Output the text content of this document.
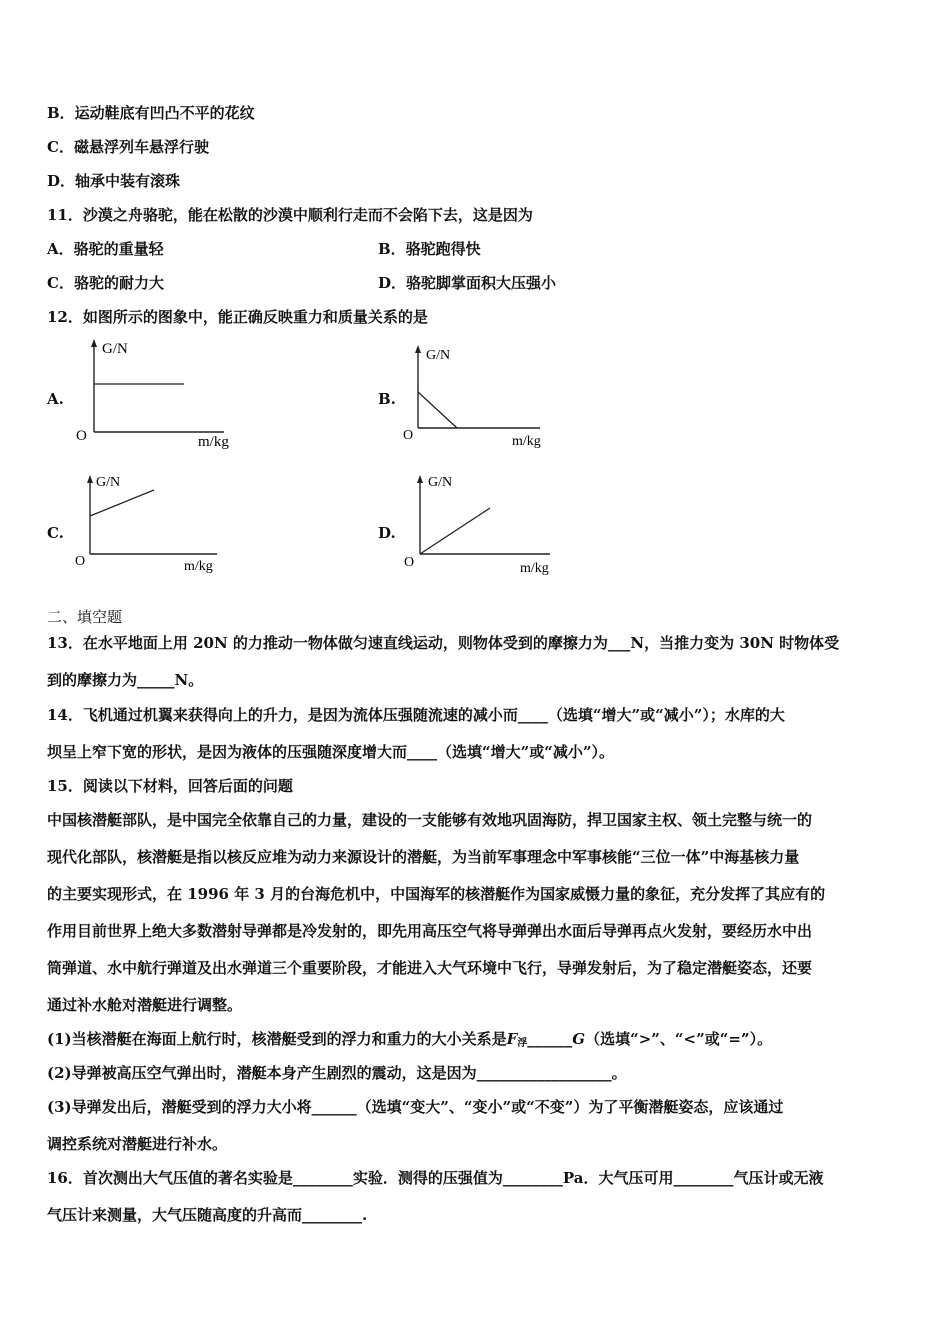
B．运动鞋底有凹凸不平的花纹
C．磁悬浮列车悬浮行驶
D．轴承中装有滚珠
11．沙漠之舟骆驼，能在松散的沙漠中顺利行走而不会陷下去，这是因为
A．骆驼的重量轻	B．骆驼跑得快
C．骆驼的耐力大	D．骆驼脚掌面积大压强小
12．如图所示的图象中，能正确反映重力和质量关系的是
A.	B.
C.	D.
G/N
O	m/kg
G/N
O	m/kg
G/N
O	m/kg
G/N
O	m/kg
二、填空题
13．在水平地面上用 20N 的力推动一物体做匀速直线运动，则物体受到的摩擦力为___N，当推力变为 30N 时物体受
到的摩擦力为_____N。
14．飞机通过机翼来获得向上的升力，是因为流体压强随流速的减小而____（选填“增大”或“减小”）；水库的大
坝呈上窄下宽的形状，是因为液体的压强随深度增大而____（选填“增大”或“减小”）。
15．阅读以下材料，回答后面的问题
中国核潜艇部队，是中国完全依靠自己的力量，建设的一支能够有效地巩固海防，捍卫国家主权、领土完整与统一的
现代化部队，核潜艇是指以核反应堆为动力来源设计的潜艇，为当前军事理念中军事核能“三位一体”中海基核力量
的主要实现形式，在 1996 年 3 月的台海危机中，中国海军的核潜艇作为国家威慑力量的象征，充分发挥了其应有的
作用目前世界上绝大多数潜射导弹都是冷发射的，即先用高压空气将导弹弹出水面后导弹再点火发射，要经历水中出
筒弹道、水中航行弹道及出水弹道三个重要阶段，才能进入大气环境中飞行，导弹发射后，为了稳定潜艇姿态，还要
通过补水舱对潜艇进行调整。
(1)当核潜艇在海面上航行时，核潜艇受到的浮力和重力的大小关系是$F_浮\_\_\_\_\_\_G$（选填“>”、“<”或“=”）。
(2)导弹被高压空气弹出时，潜艇本身产生剧烈的震动，这是因为__________________。
(3)导弹发出后，潜艇受到的浮力大小将______（选填“变大”、“变小”或“不变”）为了平衡潜艇姿态，应该通过
调控系统对潜艇进行补水。
16．首次测出大气压值的著名实验是________实验．测得的压强值为________Pa．大气压可用________气压计或无液
气压计来测量，大气压随高度的升高而________.
